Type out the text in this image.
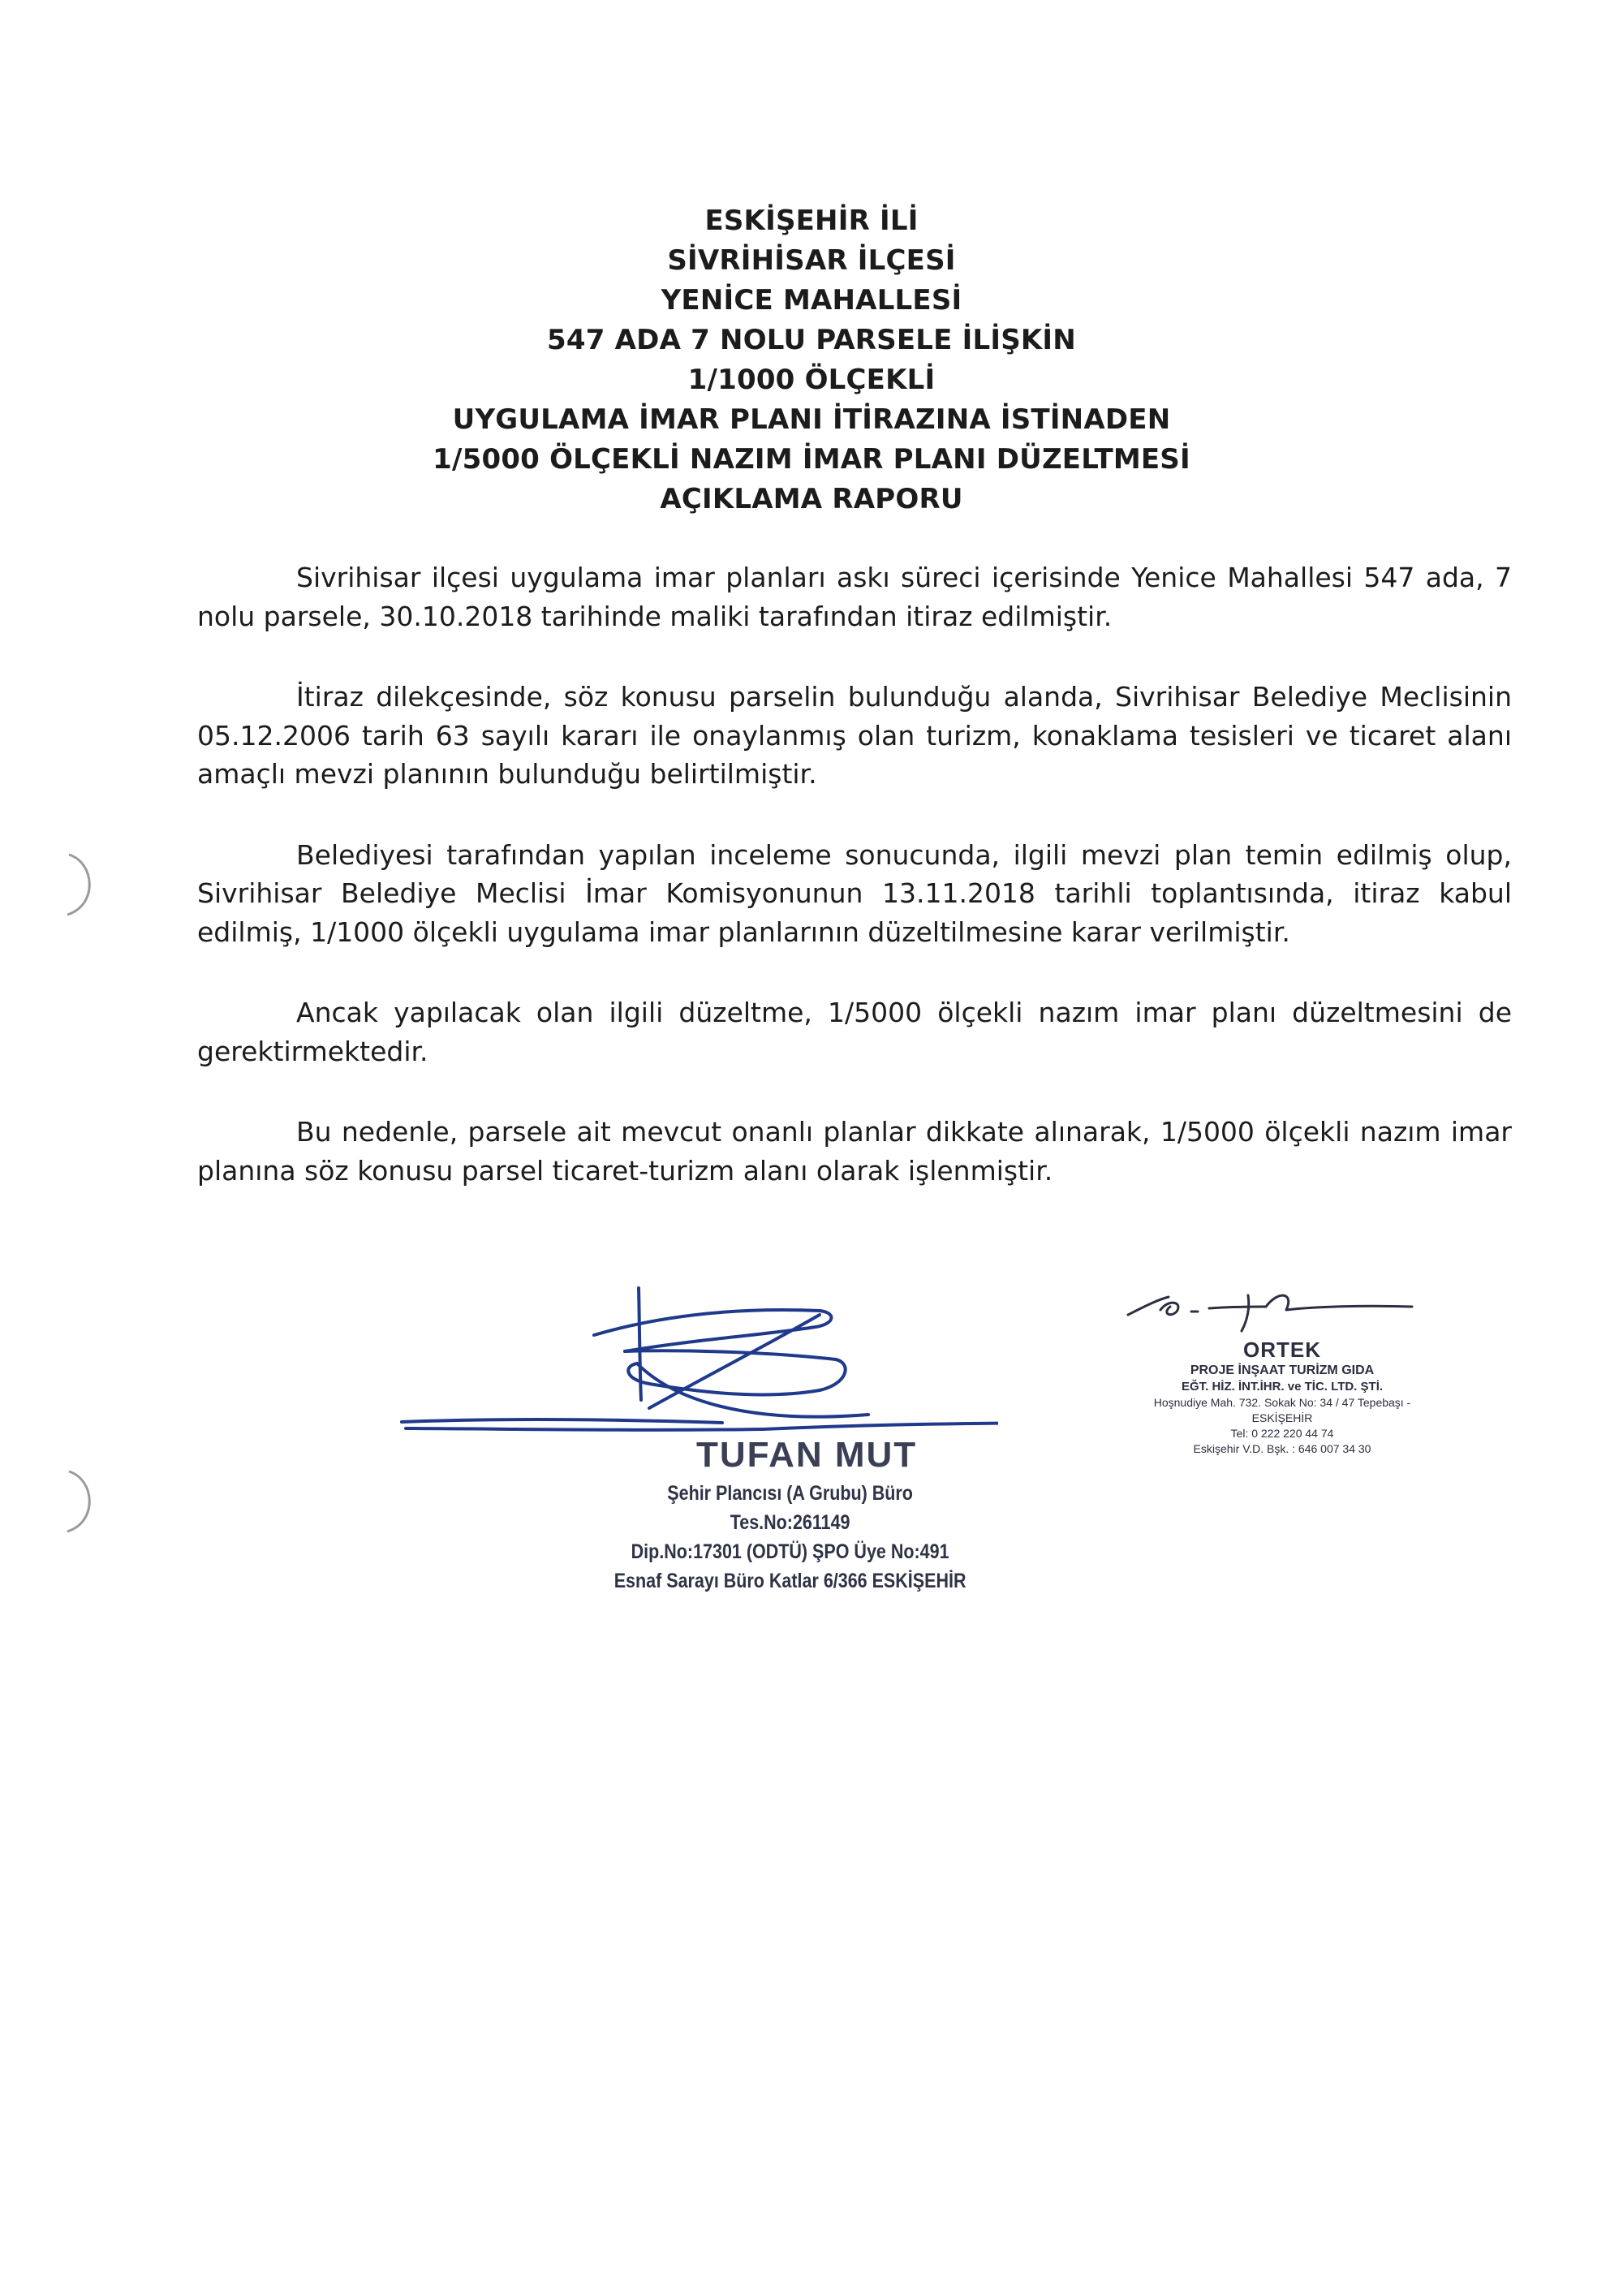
ESKİŞEHİR İLİ
SİVRİHİSAR İLÇESİ
YENİCE MAHALLESİ
547 ADA 7 NOLU PARSELE İLİŞKİN
1/1000 ÖLÇEKLİ
UYGULAMA İMAR PLANI İTİRAZINA İSTİNADEN
1/5000 ÖLÇEKLİ NAZIM İMAR PLANI DÜZELTMESİ
AÇIKLAMA RAPORU

Sivrihisar ilçesi uygulama imar planları askı süreci içerisinde Yenice Mahallesi 547 ada, 7 nolu parsele, 30.10.2018 tarihinde maliki tarafından itiraz edilmiştir.

İtiraz dilekçesinde, söz konusu parselin bulunduğu alanda, Sivrihisar Belediye Meclisinin 05.12.2006 tarih 63 sayılı kararı ile onaylanmış olan turizm, konaklama tesisleri ve ticaret alanı amaçlı mevzi planının bulunduğu belirtilmiştir.

Belediyesi tarafından yapılan inceleme sonucunda, ilgili mevzi plan temin edilmiş olup, Sivrihisar Belediye Meclisi İmar Komisyonunun 13.11.2018 tarihli toplantısında, itiraz kabul edilmiş, 1/1000 ölçekli uygulama imar planlarının düzeltilmesine karar verilmiştir.

Ancak yapılacak olan ilgili düzeltme, 1/5000 ölçekli nazım imar planı düzeltmesini de gerektirmektedir.

Bu nedenle, parsele ait mevcut onanlı planlar dikkate alınarak, 1/5000 ölçekli nazım imar planına söz konusu parsel ticaret-turizm alanı olarak işlenmiştir.

TUFAN MUT
Şehir Plancısı (A Grubu) Büro Tes.No:261149
Dip.No:17301 (ODTÜ) ŞPO Üye No:491
Esnaf Sarayı Büro Katlar 6/366 ESKİŞEHİR
ORTEK
PROJE İNŞAAT TURİZM GIDA
EĞT. HİZ. İNT.İHR. ve TİC. LTD. ŞTİ.
Hoşnudiye Mah. 732. Sokak No: 34 / 47 Tepebaşı - ESKİŞEHİR
Tel: 0 222 220 44 74
Eskişehir V.D. Bşk. : 646 007 34 30
